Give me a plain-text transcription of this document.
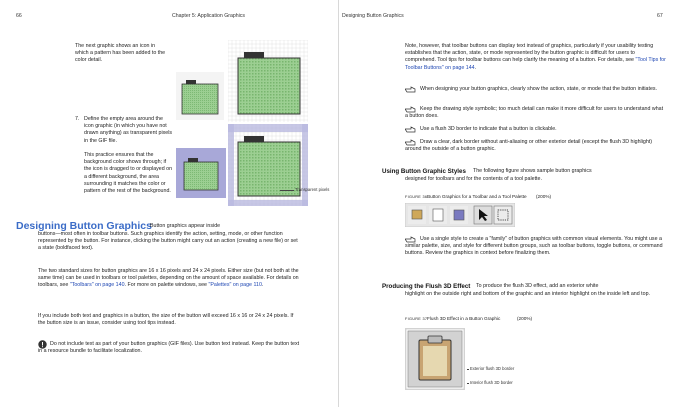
66	Chapter 5: Application Graphics
The next graphic shows an icon in which a pattern has been added to the color detail.
7. Define the empty area around the icon graphic (in which you have not drawn anything) as transparent pixels in the GIF file.
This practice ensures that the background color shows through; if the icon is dragged to or displayed on a different background, the area surrounding it matches the color or pattern of the rest of the background.	Transparent pixels
Designing Button Graphics
Button graphics appear inside
buttons—most often in toolbar buttons. Such graphics identify the action, setting, mode, or other function represented by the button. For instance, clicking the button might carry out an action (creating a new file) or set a state (boldfaced text).
The two standard sizes for button graphics are 16 x 16 pixels and 24 x 24 pixels. Either size (but not both at the same time) can be used in toolbars or tool palettes, depending on the amount of space available. For details on toolbars, see "Toolbars" on page 140. For more on palette windows, see "Palettes" on page 110.
If you include both text and graphics in a button, the size of the button will exceed 16 x 16 or 24 x 24 pixels. If the button size is an issue, consider using tool tips instead.
Do not include text as part of your button graphics (GIF files). Use button text instead. Keep the button text in a resource bundle to facilitate localization.
Designing Button Graphics	67
Note, however, that toolbar buttons can display text instead of graphics, particularly if your usability testing establishes that the action, state, or mode represented by the button graphic is difficult for users to comprehend. Tool tips for toolbar buttons can help clarify the meaning of a button. For details, see "Tool Tips for Toolbar Buttons" on page 144.
When designing your button graphics, clearly show the action, state, or mode that the button initiates.
Keep the drawing style symbolic; too much detail can make it more difficult for users to understand what a button does.
Use a flush 3D border to indicate that a button is clickable.
Draw a clear, dark border without anti-aliasing or other exterior detail (except the flush 3D highlight) around the outside of a button graphic.
Using Button Graphic Styles The following figure shows sample button graphics
designed for toolbars and for the contents of a tool palette.
FIGURE 36 Button Graphics for a Toolbar and a Tool Palette (200%)
Use a single style to create a "family" of button graphics with common visual elements. You might use a similar palette, size, and style for different button groups, such as toolbar buttons, toggle buttons, or command buttons. Review the graphics in context before finalizing them.
Producing the Flush 3D Effect To produce the flush 3D effect, add an exterior white
highlight on the outside right and bottom of the graphic and an interior highlight on the inside left and top.
FIGURE 37 Flush 3D Effect in a Button Graphic	(200%)
Exterior flush 3D border
Interior flush 3D border
